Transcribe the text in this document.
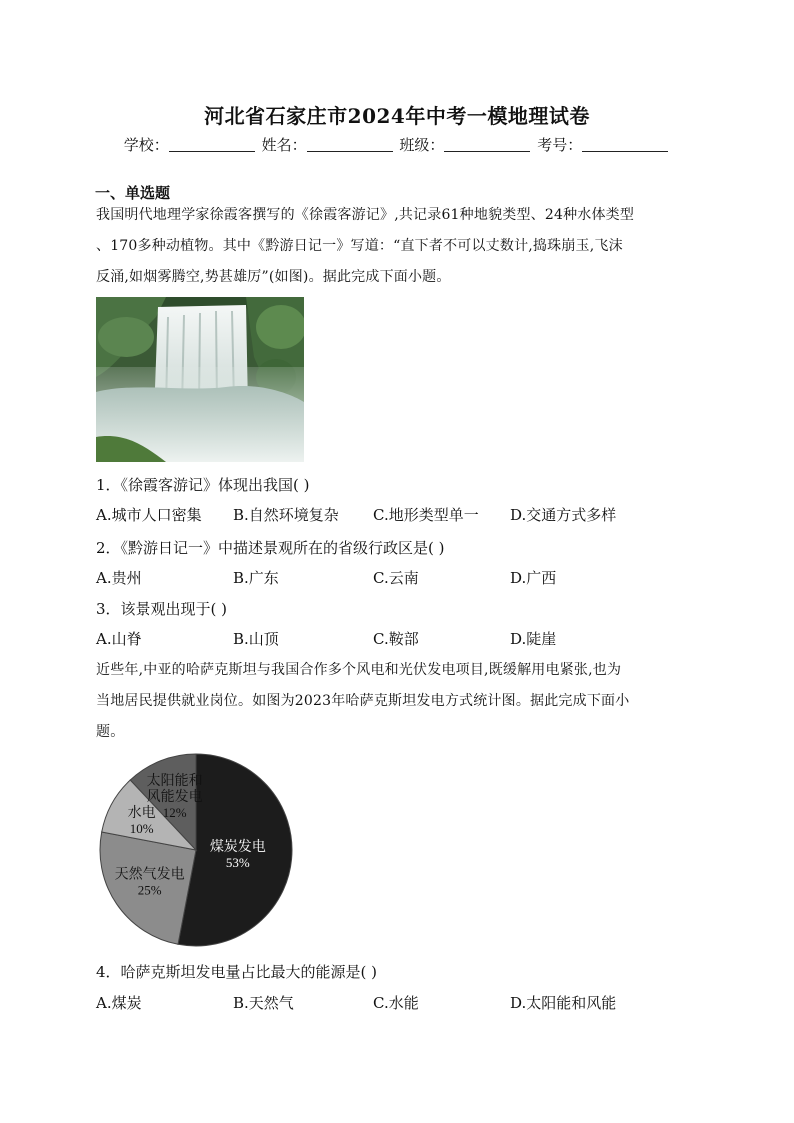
河北省石家庄市2024年中考一模地理试卷
学校：	姓名：	班级：	考号：
一、单选题
我国明代地理学家徐霞客撰写的《徐霞客游记》,共记录61种地貌类型、24种水体类型
、170多种动植物。其中《黔游日记一》写道：“直下者不可以丈数计,捣珠崩玉,飞沫
反涌,如烟雾腾空,势甚雄厉”(如图)。据此完成下面小题。
1．《徐霞客游记》体现出我国( )
A.城市人口密集 B.自然环境复杂 C.地形类型单一 D.交通方式多样
2．《黔游日记一》中描述景观所在的省级行政区是( )
A.贵州	B.广东	C.云南	D.广西
3．该景观出现于( )
A.山脊	B.山顶	C.鞍部	D.陡崖
近些年,中亚的哈萨克斯坦与我国合作多个风电和光伏发电项目,既缓解用电紧张,也为
当地居民提供就业岗位。如图为2023年哈萨克斯坦发电方式统计图。据此完成下面小
题。
煤炭发电
53%
天然气发电
25%
水电
10%
太阳能和
风能发电
12%
4．哈萨克斯坦发电量占比最大的能源是( )
A.煤炭	B.天然气	C.水能	D.太阳能和风能
